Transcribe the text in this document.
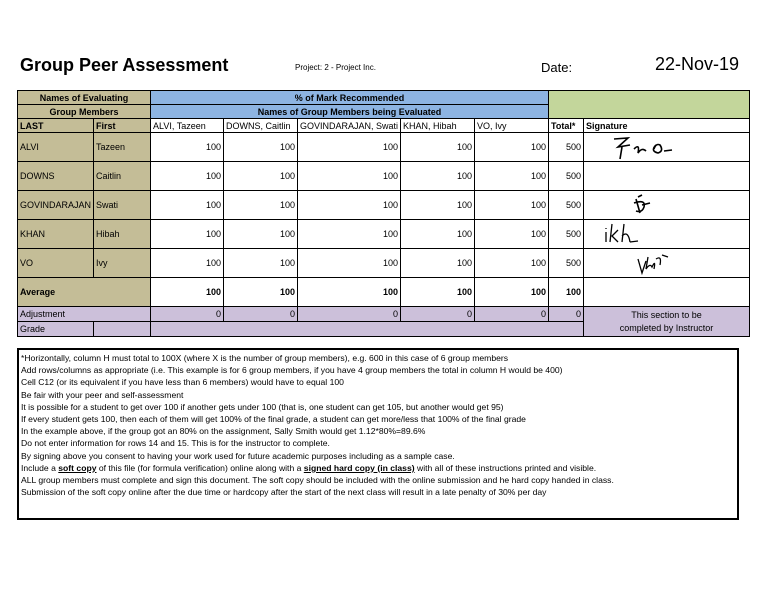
Group Peer Assessment	Project: 2 - Project Inc.	Date:	22-Nov-19
Names of Evaluating		% of Mark Recommended						
Group Members		Names of Group Members being Evaluated						
LAST	First	ALVI, Tazeen	DOWNS, Caitlin	GOVINDARAJAN, Swati	KHAN, Hibah	VO, Ivy	Total*	Signature
ALVI	Tazeen	100	100	100	100	100	500	

DOWNS	Caitlin	100	100	100	100	100	500	
GOVINDARAJAN	Swati	100	100	100	100	100	500	

KHAN	Hibah	100	100	100	100	100	500	

VO	Ivy	100	100	100	100	100	500	

Average		100	100	100	100	100	100	
Adjustment		0	0	0	0	0	0	This section to be
completed by Instructor
Grade								
*Horizontally, column H must total to 100X (where X is the number of group members), e.g. 600 in this case of 6 group members
Add rows/columns as appropriate (i.e. This example is for 6 group members, if you have 4 group members the total in column H would be 400)
Cell C12 (or its equivalent if you have less than 6 members) would have to equal 100
Be fair with your peer and self-assessment
It is possible for a student to get over 100 if another gets under 100 (that is, one student can get 105, but another would get 95)
If every student gets 100, then each of them will get 100% of the final grade, a student can get more/less that 100% of the final grade
In the example above, if the group got an 80% on the assignment, Sally Smith would get 1.12*80%=89.6%
Do not enter information for rows 14 and 15. This is for the instructor to complete.
By signing above you consent to having your work used for future academic purposes including as a sample case.
Include a soft copy of this file (for formula verification) online along with a signed hard copy (in class) with all of these instructions printed and visible.
ALL group members must complete and sign this document. The soft copy should be included with the online submission and he hard copy handed in class.
Submission of the soft copy online after the due time or hardcopy after the start of the next class will result in a late penalty of 30% per day
